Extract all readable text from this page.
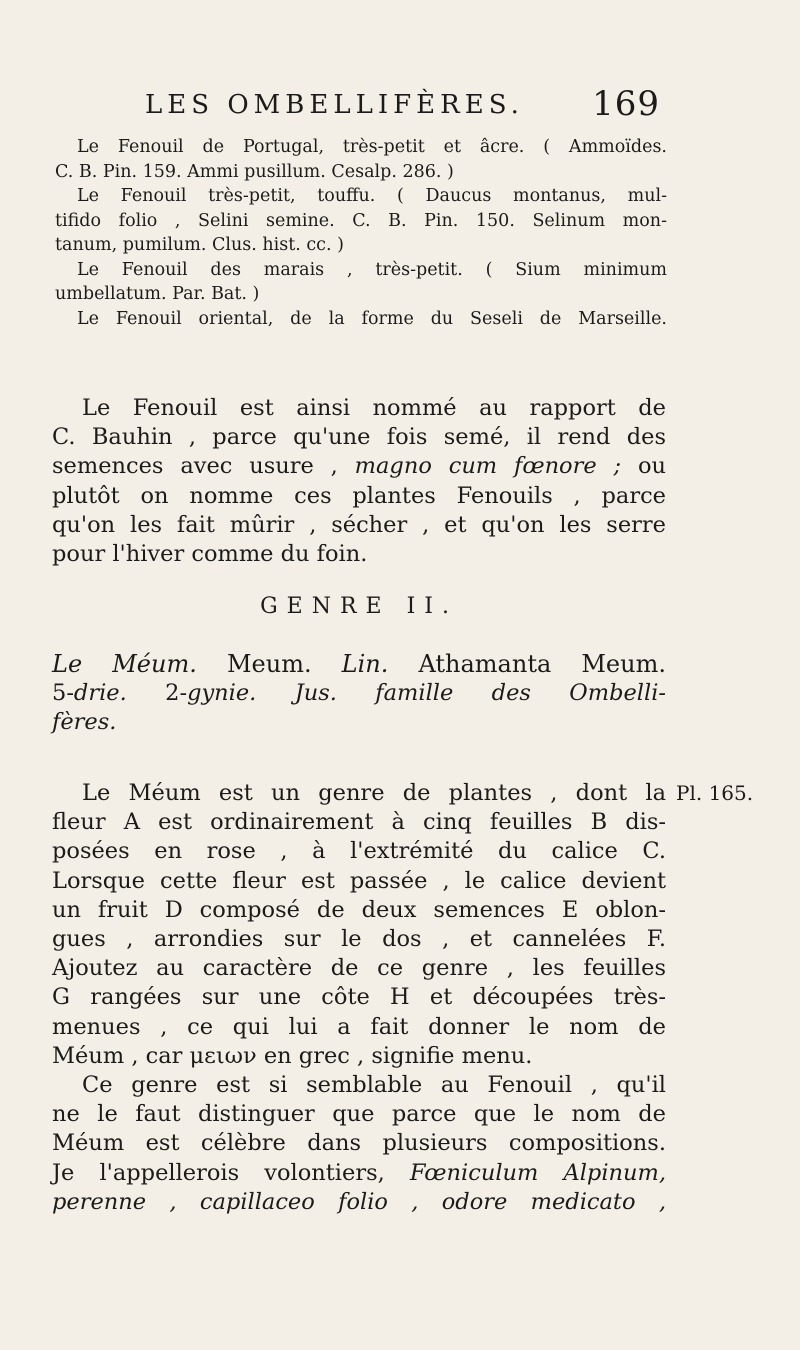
LES OMBELLIFÈRES. 169
Le Fenouil de Portugal, très-petit et âcre. ( Ammoïdes.
C. B. Pin. 159. Ammi pusillum. Cesalp. 286. )
Le Fenouil très-petit, touffu. ( Daucus montanus, mul-
tifido folio , Selini semine. C. B. Pin. 150. Selinum mon-
tanum, pumilum. Clus. hist. cc. )
Le Fenouil des marais , très-petit. ( Sium minimum
umbellatum. Par. Bat. )
Le Fenouil oriental, de la forme du Seseli de Marseille.
Le Fenouil est ainsi nommé au rapport de
C. Bauhin , parce qu'une fois semé, il rend des
semences avec usure , magno cum fœnore ; ou
plutôt on nomme ces plantes Fenouils , parce
qu'on les fait mûrir , sécher , et qu'on les serre
pour l'hiver comme du foin.
GENRE II.
Le Méum. Meum. Lin. Athamanta Meum.
5-drie. 2-gynie. Jus. famille des Ombelli-
fères.
Le Méum est un genre de plantes , dont la
fleur A est ordinairement à cinq feuilles B dis-
posées en rose , à l'extrémité du calice C.
Lorsque cette fleur est passée , le calice devient
un fruit D composé de deux semences E oblon-
gues , arrondies sur le dos , et cannelées F.
Ajoutez au caractère de ce genre , les feuilles
G rangées sur une côte H et découpées très-
menues , ce qui lui a fait donner le nom de
Méum , car μειων en grec , signifie menu.
Pl. 165.
Ce genre est si semblable au Fenouil , qu'il
ne le faut distinguer que parce que le nom de
Méum est célèbre dans plusieurs compositions.
Je l'appellerois volontiers, Fœniculum Alpinum,
perenne , capillaceo folio , odore medicato ,
